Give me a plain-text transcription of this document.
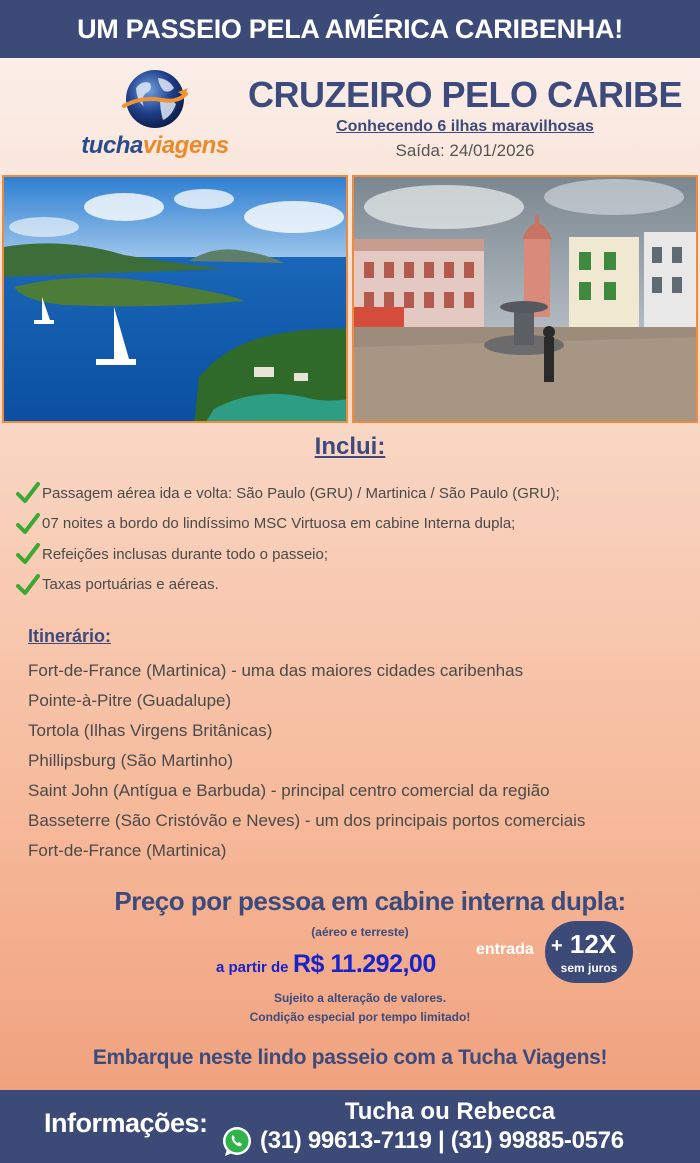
UM PASSEIO PELA AMÉRICA CARIBENHA!
tuchaviagens
CRUZEIRO PELO CARIBE
Conhecendo 6 ilhas maravilhosas
Saída: 24/01/2026
Inclui:
Passagem aérea ida e volta: São Paulo (GRU) / Martinica / São Paulo (GRU);
07 noites a bordo do lindíssimo MSC Virtuosa em cabine Interna dupla;
Refeições inclusas durante todo o passeio;
Taxas portuárias e aéreas.
Itinerário:
Fort-de-France (Martinica) - uma das maiores cidades caribenhas
Pointe-à-Pitre (Guadalupe)
Tortola (Ilhas Virgens Britânicas)
Phillipsburg (São Martinho)
Saint John (Antígua e Barbuda) - principal centro comercial da região
Basseterre (São Cristóvão e Neves) - um dos principais portos comerciais
Fort-de-France (Martinica)
Preço por pessoa em cabine interna dupla:
(aéreo e terreste)
a partir de R$ 11.292,00
entrada + 12X
sem juros
Sujeito a alteração de valores.
Condição especial por tempo limitado!
Embarque neste lindo passeio com a Tucha Viagens!
Informações:	Tucha ou Rebecca
(31) 99613-7119 | (31) 99885-0576
